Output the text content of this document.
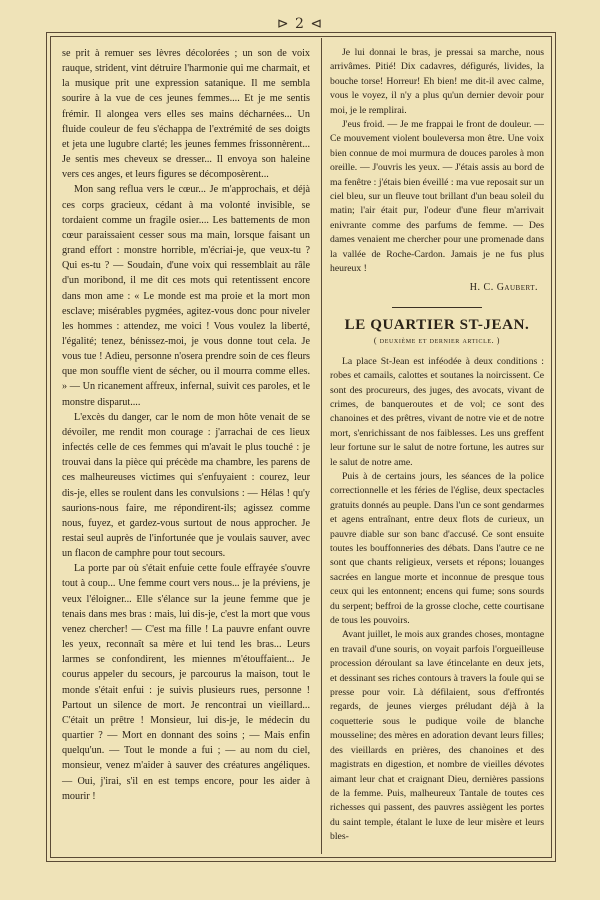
⊳ 2 ⊲

se prit à remuer ses lèvres décolorées ; un son de voix rauque, strident, vint détruire l'harmonie qui me charmait, et la musique prit une expression satanique. Il me sembla sourire à la vue de ces jeunes femmes.... Et je me sentis frémir. Il alongea vers elles ses mains décharnées... Un fluide couleur de feu s'échappa de l'extrémité de ses doigts et jeta une lugubre clarté; les jeunes femmes frissonnèrent... Je sentis mes cheveux se dresser... Il envoya son haleine vers ces anges, et leurs figures se décomposèrent...

Mon sang reflua vers le cœur... Je m'approchais, et déjà ces corps gracieux, cédant à ma volonté invisible, se tordaient comme un fragile osier.... Les battements de mon cœur paraissaient cesser sous ma main, lorsque faisant un grand effort : monstre horrible, m'écriai-je, que veux-tu ? Qui es-tu ? — Soudain, d'une voix qui ressemblait au râle d'un moribond, il me dit ces mots qui retentissent encore dans mon ame : « Le monde est ma proie et la mort mon esclave; misérables pygmées, agitez-vous donc pour niveler les hommes : attendez, me voici ! Vous voulez la liberté, l'égalité; tenez, bénissez-moi, je vous donne tout cela. Je vous tue ! Adieu, personne n'osera prendre soin de ces fleurs que mon souffle vient de sécher, ou il mourra comme elles. » — Un ricanement affreux, infernal, suivit ces paroles, et le monstre disparut....

L'excès du danger, car le nom de mon hôte venait de se dévoiler, me rendit mon courage : j'arrachai de ces lieux infectés celle de ces femmes qui m'avait le plus touché : je trouvai dans la pièce qui précède ma chambre, les parens de ces malheureuses victimes qui s'enfuyaient : courez, leur dis-je, elles se roulent dans les convulsions : — Hélas ! qu'y saurions-nous faire, me répondirent-ils; agissez comme nous, fuyez, et gardez-vous surtout de nous approcher. Je restai seul auprès de l'infortunée que je voulais sauver, avec un flacon de camphre pour tout secours.

La porte par où s'était enfuie cette foule effrayée s'ouvre tout à coup... Une femme court vers nous... je la préviens, je veux l'éloigner... Elle s'élance sur la jeune femme que je tenais dans mes bras : mais, lui dis-je, c'est la mort que vous venez chercher! — C'est ma fille ! La pauvre enfant ouvre les yeux, reconnaît sa mère et lui tend les bras... Leurs larmes se confondirent, les miennes m'étouffaient... Je courus appeler du secours, je parcourus la maison, tout le monde s'était enfui : je suivis plusieurs rues, personne ! Partout un silence de mort. Je rencontrai un vieillard... C'était un prêtre ! Monsieur, lui dis-je, le médecin du quartier ? — Mort en donnant des soins ; — Mais enfin quelqu'un. — Tout le monde a fui ; — au nom du ciel, monsieur, venez m'aider à sauver des créatures angéliques. — Oui, j'irai, s'il en est temps encore, pour les aider à mourir !

Je lui donnai le bras, je pressai sa marche, nous arrivâmes. Pitié! Dix cadavres, défigurés, livides, la bouche torse! Horreur! Eh bien! me dit-il avec calme, vous le voyez, il n'y a plus qu'un dernier devoir pour moi, je le remplirai.

J'eus froid. — Je me frappai le front de douleur. — Ce mouvement violent bouleversa mon être. Une voix bien connue de moi murmura de douces paroles à mon oreille. — J'ouvris les yeux. — J'étais assis au bord de ma fenêtre : j'étais bien éveillé : ma vue reposait sur un ciel bleu, sur un fleuve tout brillant d'un beau soleil du matin; l'air était pur, l'odeur d'une fleur m'arrivait enivrante comme des parfums de femme. — Des dames venaient me chercher pour une promenade dans la vallée de Roche-Cardon. Jamais je ne fus plus heureux !

H. C. Gaubert.
LE QUARTIER ST-JEAN.
( deuxième et dernier article. )

La place St-Jean est inféodée à deux conditions : robes et camails, calottes et soutanes la noircissent. Ce sont des procureurs, des juges, des avocats, vivant de crimes, de banqueroutes et de vol; ce sont des chanoines et des prêtres, vivant de notre vie et de notre mort, s'enrichissant de nos faiblesses. Les uns greffent leur fortune sur le salut de notre fortune, les autres sur le salut de notre ame.

Puis à de certains jours, les séances de la police correctionnelle et les féries de l'église, deux spectacles gratuits donnés au peuple. Dans l'un ce sont gendarmes et agens entraînant, entre deux flots de curieux, un pauvre diable sur son banc d'accusé. Ce sont ensuite toutes les bouffonneries des débats. Dans l'autre ce ne sont que chants religieux, versets et répons; louanges sacrées en langue morte et inconnue de presque tous ceux qui les entonnent; encens qui fume; sons sourds du serpent; beffroi de la grosse cloche, cette courtisane de tous les pouvoirs.

Avant juillet, le mois aux grandes choses, montagne en travail d'une souris, on voyait parfois l'orgueilleuse procession déroulant sa lave étincelante en deux jets, et dessinant ses riches contours à travers la foule qui se presse pour voir. Là défilaient, sous d'effrontés regards, de jeunes vierges préludant déjà à la coquetterie sous le pudique voile de blanche mousseline; des mères en adoration devant leurs filles; des vieillards en prières, des chanoines et des magistrats en digestion, et nombre de vieilles dévotes aimant leur chat et craignant Dieu, dernières passions de la femme. Puis, malheureux Tantale de toutes ces richesses qui passent, des pauvres assiègent les portes du saint temple, étalant le luxe de leur misère et leurs bles-
